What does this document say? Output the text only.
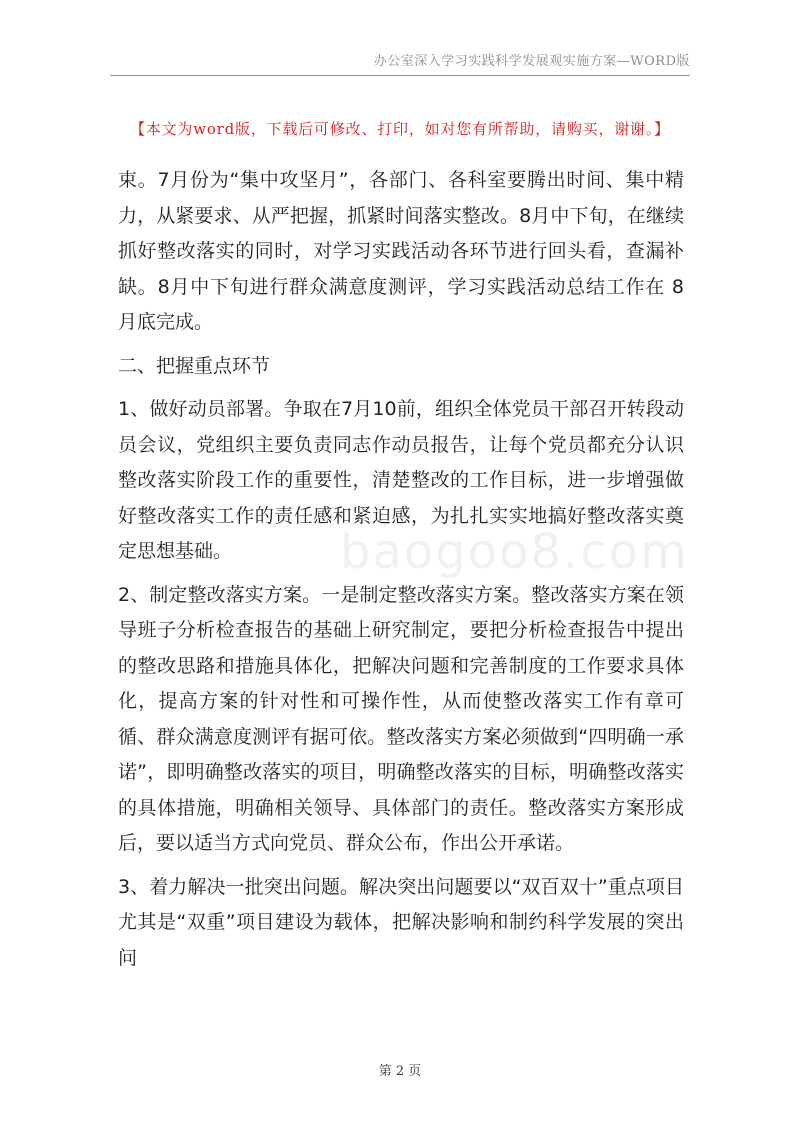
办公室深入学习实践科学发展观实施方案—WORD版
【本文为word版，下载后可修改、打印，如对您有所帮助，请购买，谢谢。】

束。7月份为“集中攻坚月”，各部门、各科室要腾出时间、集中精力，从紧要求、从严把握，抓紧时间落实整改。8月中下旬，在继续抓好整改落实的同时，对学习实践活动各环节进行回头看，查漏补缺。8月中下旬进行群众满意度测评，学习实践活动总结工作在 8 月底完成。

二、把握重点环节

1、做好动员部署。争取在7月10前，组织全体党员干部召开转段动员会议，党组织主要负责同志作动员报告，让每个党员都充分认识整改落实阶段工作的重要性，清楚整改的工作目标，进一步增强做好整改落实工作的责任感和紧迫感，为扎扎实实地搞好整改落实奠定思想基础。

2、制定整改落实方案。一是制定整改落实方案。整改落实方案在领导班子分析检查报告的基础上研究制定，要把分析检查报告中提出的整改思路和措施具体化，把解决问题和完善制度的工作要求具体化，提高方案的针对性和可操作性，从而使整改落实工作有章可循、群众满意度测评有据可依。整改落实方案必须做到“四明确一承诺”，即明确整改落实的项目，明确整改落实的目标，明确整改落实的具体措施，明确相关领导、具体部门的责任。整改落实方案形成后，要以适当方式向党员、群众公布，作出公开承诺。

3、着力解决一批突出问题。解决突出问题要以“双百双十”重点项目尤其是“双重”项目建设为载体，把解决影响和制约科学发展的突出问

baogoo8.com
第 2 页
